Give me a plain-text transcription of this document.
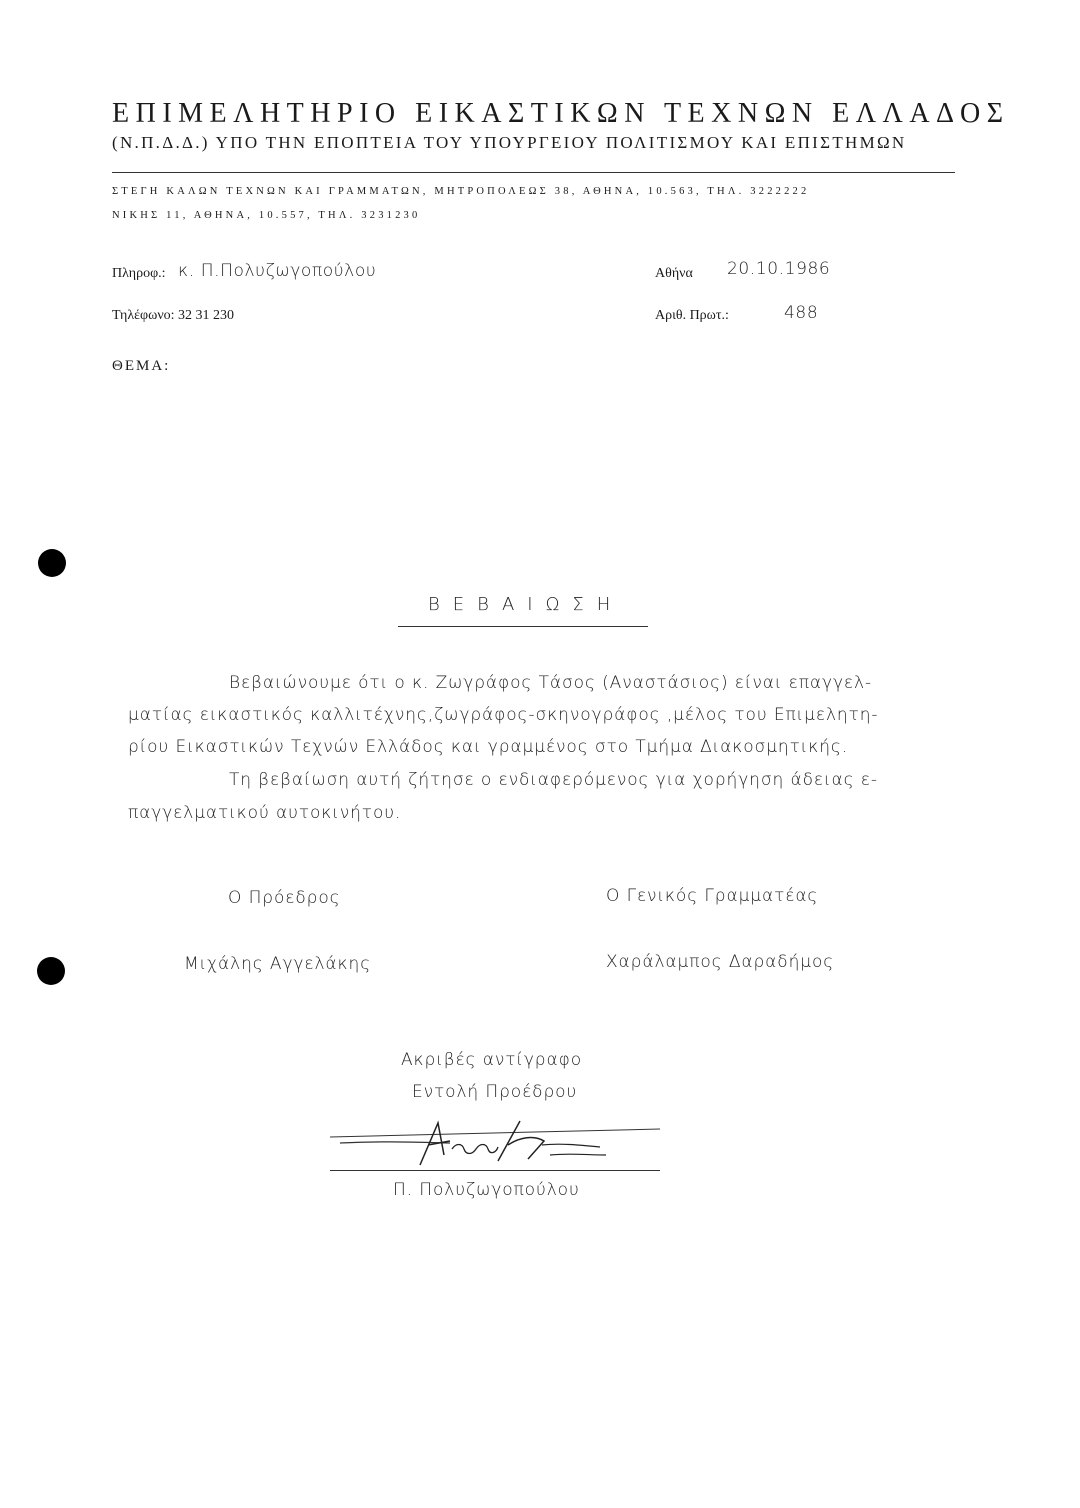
ΕΠΙΜΕΛΗΤΗΡΙΟ ΕΙΚΑΣΤΙΚΩΝ ΤΕΧΝΩΝ ΕΛΛΑΔΟΣ
(Ν.Π.Δ.Δ.) ΥΠΟ ΤΗΝ ΕΠΟΠΤΕΙΑ ΤΟΥ ΥΠΟΥΡΓΕΙΟΥ ΠΟΛΙΤΙΣΜΟΥ ΚΑΙ ΕΠΙΣΤΗΜΩΝ
ΣΤΕΓΗ ΚΑΛΩΝ ΤΕΧΝΩΝ ΚΑΙ ΓΡΑΜΜΑΤΩΝ, ΜΗΤΡΟΠΟΛΕΩΣ 38, ΑΘΗΝΑ, 10.563, ΤΗΛ. 3222222
ΝΙΚΗΣ 11, ΑΘΗΝΑ, 10.557, ΤΗΛ. 3231230
Πληροφ.: κ. Π.Πολυζωγοπούλου
Τηλέφωνο: 32 31 230
Αθήνα 20.10.1986
Αριθ. Πρωτ.:	488
ΘΕΜΑ:
ΒΕΒΑΙΩΣΗ
Βεβαιώνουμε ότι ο κ. Ζωγράφος Τάσος (Αναστάσιος) είναι επαγγελ-
ματίας εικαστικός καλλιτέχνης,ζωγράφος-σκηνογράφος ,μέλος του Επιμελητη-
ρίου Εικαστικών Τεχνών Ελλάδος και γραμμένος στο Τμήμα Διακοσμητικής.
Τη βεβαίωση αυτή ζήτησε ο ενδιαφερόμενος για χορήγηση άδειας ε-
παγγελματικού αυτοκινήτου.
Ο Πρόεδρος
Μιχάλης Αγγελάκης
Ο Γενικός Γραμματέας
Χαράλαμπος Δαραδήμος
Ακριβές αντίγραφο
Εντολή Προέδρου
Π. Πολυζωγοπούλου
